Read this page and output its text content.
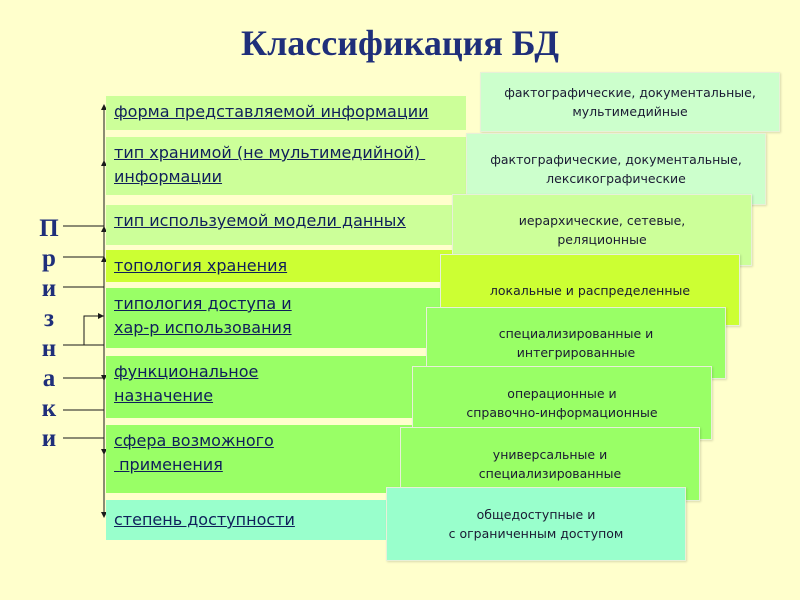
Классификация БД
П
р
и
з
н
а
к
и
форма представляемой информации
тип хранимой (не мультимедийной) информации
тип используемой модели данных
топология хранения
типология доступа и
хар-р использования
функциональное
назначение
сфера возможного
применения
степень доступности
фактографические, документальные,
мультимедийные
фактографические, документальные,
лексикографические
иерархические, сетевые,
реляционные
локальные и распределенные
специализированные и
интегрированные
операционные и
справочно-информационные
универсальные и
специализированные
общедоступные и
с ограниченным доступом
